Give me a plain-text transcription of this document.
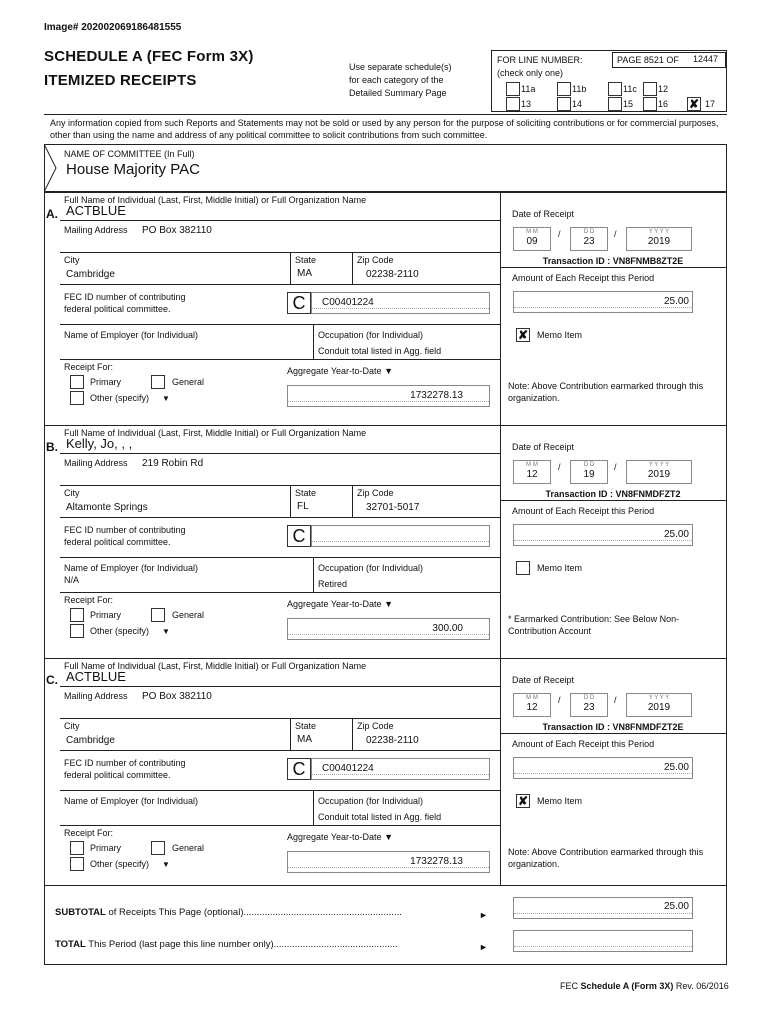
Image# 202002069186481555
SCHEDULE A (FEC Form 3X)
ITEMIZED RECEIPTS
Use separate schedule(s)
for each category of the
Detailed Summary Page
FOR LINE NUMBER:
(check only one)
PAGE 8521 OF 12447
11a	11b	11c 12
13	14	15	16 ✘ 17
Any information copied from such Reports and Statements may not be sold or used by any person for the purpose of soliciting contributions or for commercial purposes, other than using the name and address of any political committee to solicit contributions from such committee.
NAME OF COMMITTEE (In Full)
House Majority PAC
Full Name of Individual (Last, First, Middle Initial) or Full Organization Name
A. ACTBLUE
Mailing Address PO Box 382110
City
Cambridge
State
MA
Zip Code
02238-2110
FEC ID number of contributing
federal political committee.	C	C00401224
Name of Employer (for Individual)	Occupation (for Individual)
Conduit total listed in Agg. field
Receipt For:
Primary	General
Other (specify) ▼
Aggregate Year-to-Date ▼
1732278.13
Date of Receipt
M M
09
/	D D
23
/	Y Y Y Y
2019
Transaction ID : VN8FNMB8ZT2E
Amount of Each Receipt this Period
25.00
✘ Memo Item
Note: Above Contribution earmarked through this organization.
Full Name of Individual (Last, First, Middle Initial) or Full Organization Name
B. Kelly, Jo, , ,
Mailing Address 219 Robin Rd
City
Altamonte Springs
State
FL
Zip Code
32701-5017
FEC ID number of contributing
federal political committee.	C
Name of Employer (for Individual)
N/A
Occupation (for Individual)
Retired
Receipt For:
Primary	General
Other (specify) ▼
Aggregate Year-to-Date ▼
300.00
Date of Receipt
M M
12
/	D D
19
/	Y Y Y Y
2019
Transaction ID : VN8FNMDFZT2
Amount of Each Receipt this Period
25.00
Memo Item
* Earmarked Contribution: See Below Non-Contribution Account
Full Name of Individual (Last, First, Middle Initial) or Full Organization Name
C. ACTBLUE
Mailing Address PO Box 382110
City
Cambridge
State
MA
Zip Code
02238-2110
FEC ID number of contributing
federal political committee.	C	C00401224
Name of Employer (for Individual)	Occupation (for Individual)
Conduit total listed in Agg. field
Receipt For:
Primary	General
Other (specify) ▼
Aggregate Year-to-Date ▼
1732278.13
Date of Receipt
M M
12
/	D D
23
/	Y Y Y Y
2019
Transaction ID : VN8FNMDFZT2E
Amount of Each Receipt this Period
25.00
✘ Memo Item
Note: Above Contribution earmarked through this organization.
SUBTOTAL of Receipts This Page (optional)............................................................	►
25.00
TOTAL This Period (last page this line number only)...............................................	►
FEC Schedule A (Form 3X) Rev. 06/2016
